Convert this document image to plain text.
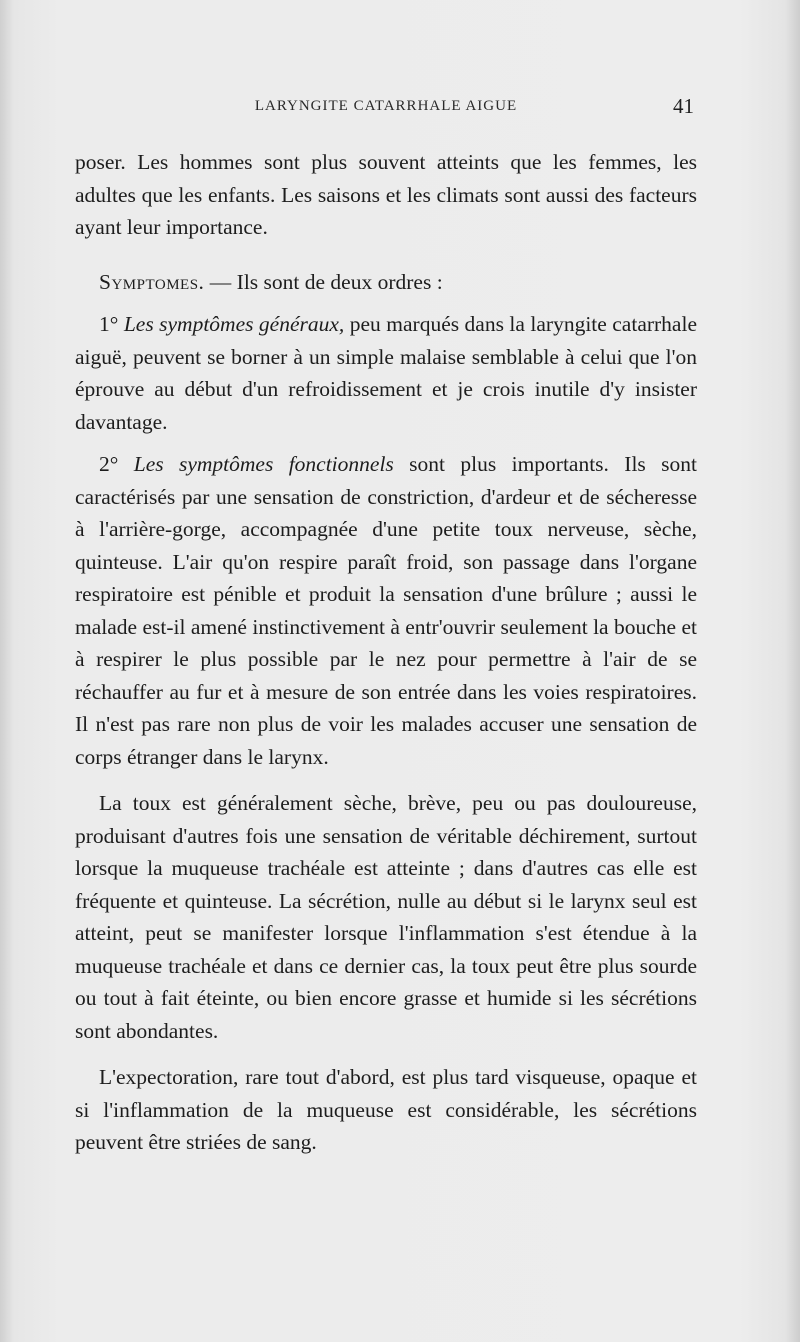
LARYNGITE CATARRHALE AIGUE	41

poser. Les hommes sont plus souvent atteints que les femmes, les adultes que les enfants. Les saisons et les climats sont aussi des facteurs ayant leur importance.

Symptomes. — Ils sont de deux ordres :

1° Les symptômes généraux, peu marqués dans la laryngite catarrhale aiguë, peuvent se borner à un simple malaise semblable à celui que l'on éprouve au début d'un refroidissement et je crois inutile d'y insister davantage.

2° Les symptômes fonctionnels sont plus importants. Ils sont caractérisés par une sensation de constriction, d'ardeur et de sécheresse à l'arrière-gorge, accompagnée d'une petite toux nerveuse, sèche, quinteuse. L'air qu'on respire paraît froid, son passage dans l'organe respiratoire est pénible et produit la sensation d'une brûlure ; aussi le malade est-il amené instinctivement à entr'ouvrir seulement la bouche et à respirer le plus possible par le nez pour permettre à l'air de se réchauffer au fur et à mesure de son entrée dans les voies respiratoires. Il n'est pas rare non plus de voir les malades accuser une sensation de corps étranger dans le larynx.

La toux est généralement sèche, brève, peu ou pas douloureuse, produisant d'autres fois une sensation de véritable déchirement, surtout lorsque la muqueuse trachéale est atteinte ; dans d'autres cas elle est fréquente et quinteuse. La sécrétion, nulle au début si le larynx seul est atteint, peut se manifester lorsque l'inflammation s'est étendue à la muqueuse trachéale et dans ce dernier cas, la toux peut être plus sourde ou tout à fait éteinte, ou bien encore grasse et humide si les sécrétions sont abondantes.

L'expectoration, rare tout d'abord, est plus tard visqueuse, opaque et si l'inflammation de la muqueuse est considérable, les sécrétions peuvent être striées de sang.
